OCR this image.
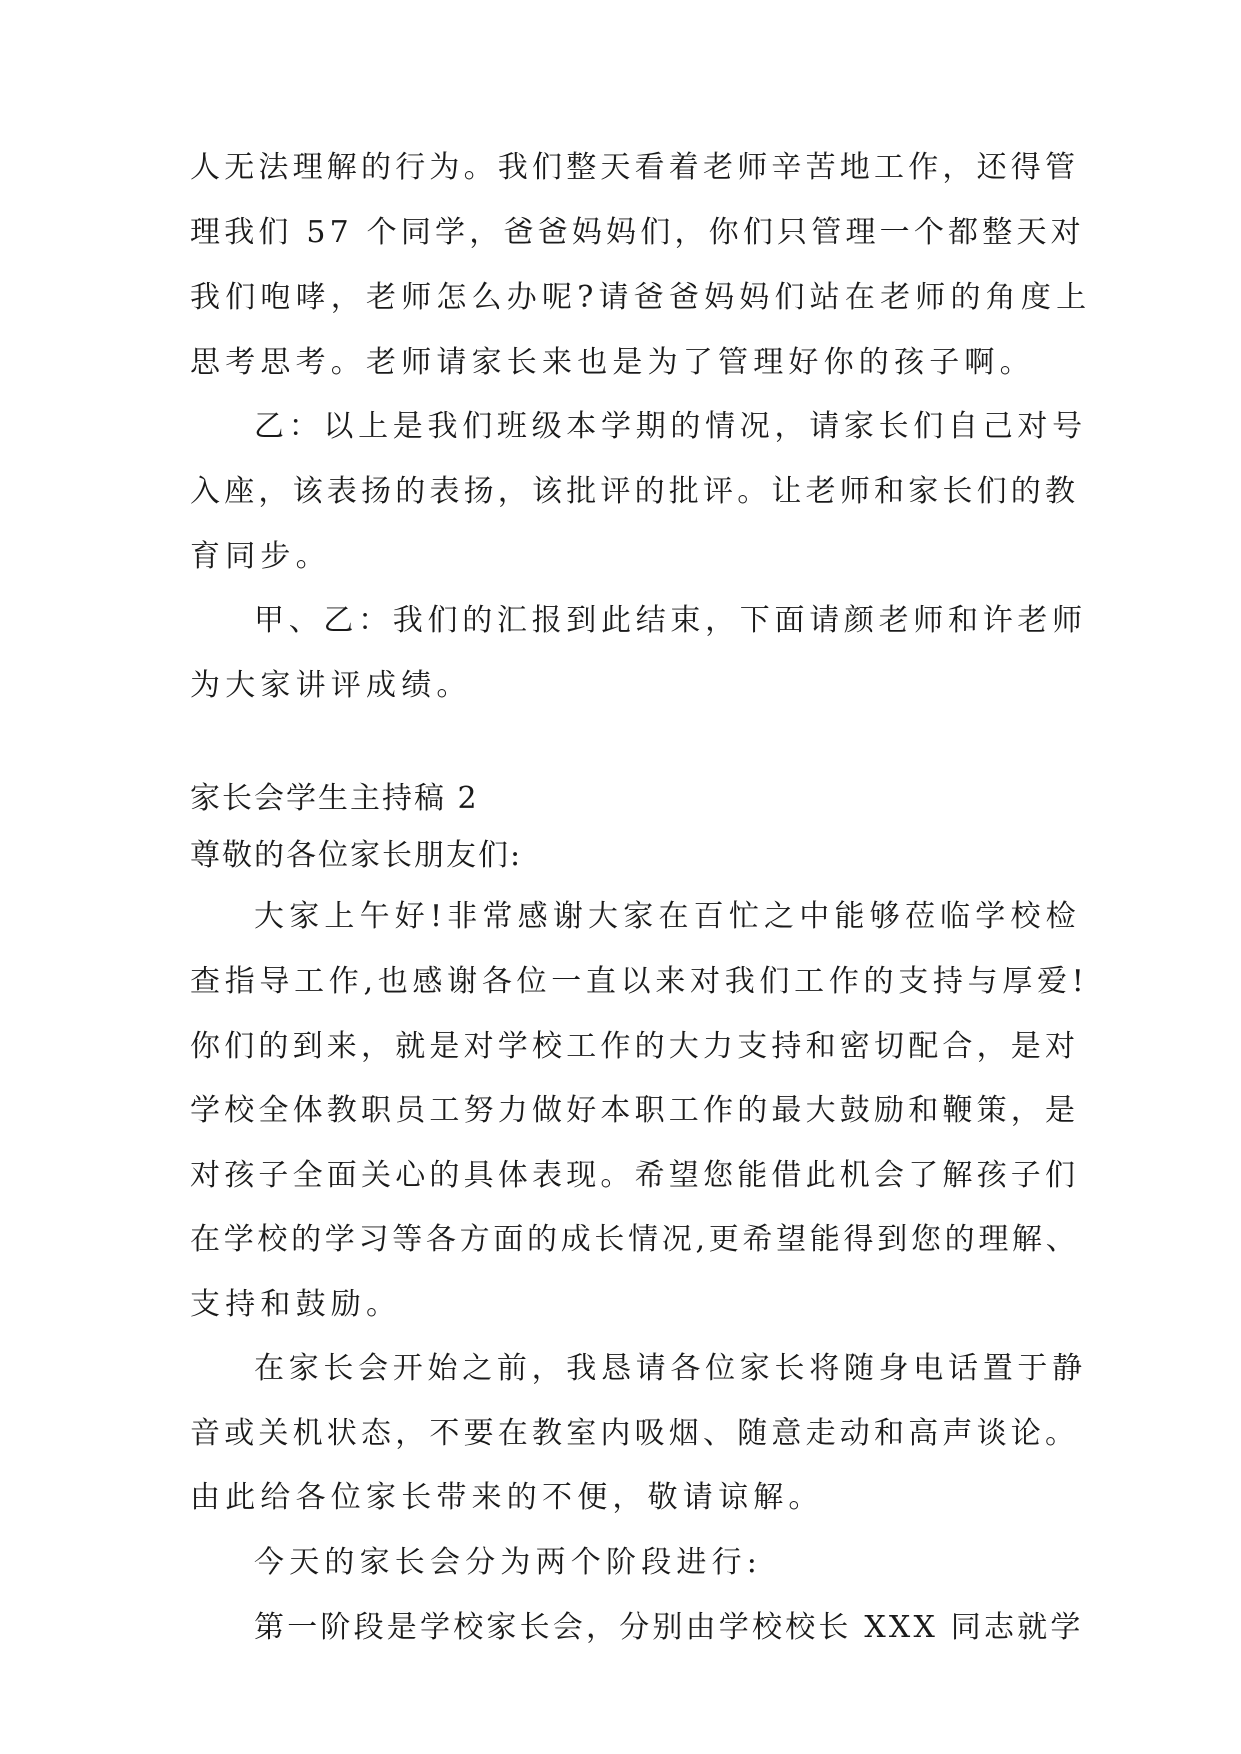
人无法理解的行为。我们整天看着老师辛苦地工作，还得管
理我们 57 个同学，爸爸妈妈们，你们只管理一个都整天对
我们咆哮，老师怎么办呢?请爸爸妈妈们站在老师的角度上
思考思考。老师请家长来也是为了管理好你的孩子啊。
乙：以上是我们班级本学期的情况，请家长们自己对号
入座，该表扬的表扬，该批评的批评。让老师和家长们的教
育同步。
甲、乙：我们的汇报到此结束，下面请颜老师和许老师
为大家讲评成绩。
家长会学生主持稿 2
尊敬的各位家长朋友们:
大家上午好!非常感谢大家在百忙之中能够莅临学校检
查指导工作,也感谢各位一直以来对我们工作的支持与厚爱!
你们的到来，就是对学校工作的大力支持和密切配合，是对
学校全体教职员工努力做好本职工作的最大鼓励和鞭策，是
对孩子全面关心的具体表现。希望您能借此机会了解孩子们
在学校的学习等各方面的成长情况,更希望能得到您的理解、
支持和鼓励。
在家长会开始之前，我恳请各位家长将随身电话置于静
音或关机状态，不要在教室内吸烟、随意走动和高声谈论。
由此给各位家长带来的不便，敬请谅解。
今天的家长会分为两个阶段进行:
第一阶段是学校家长会，分别由学校校长 XXX 同志就学
